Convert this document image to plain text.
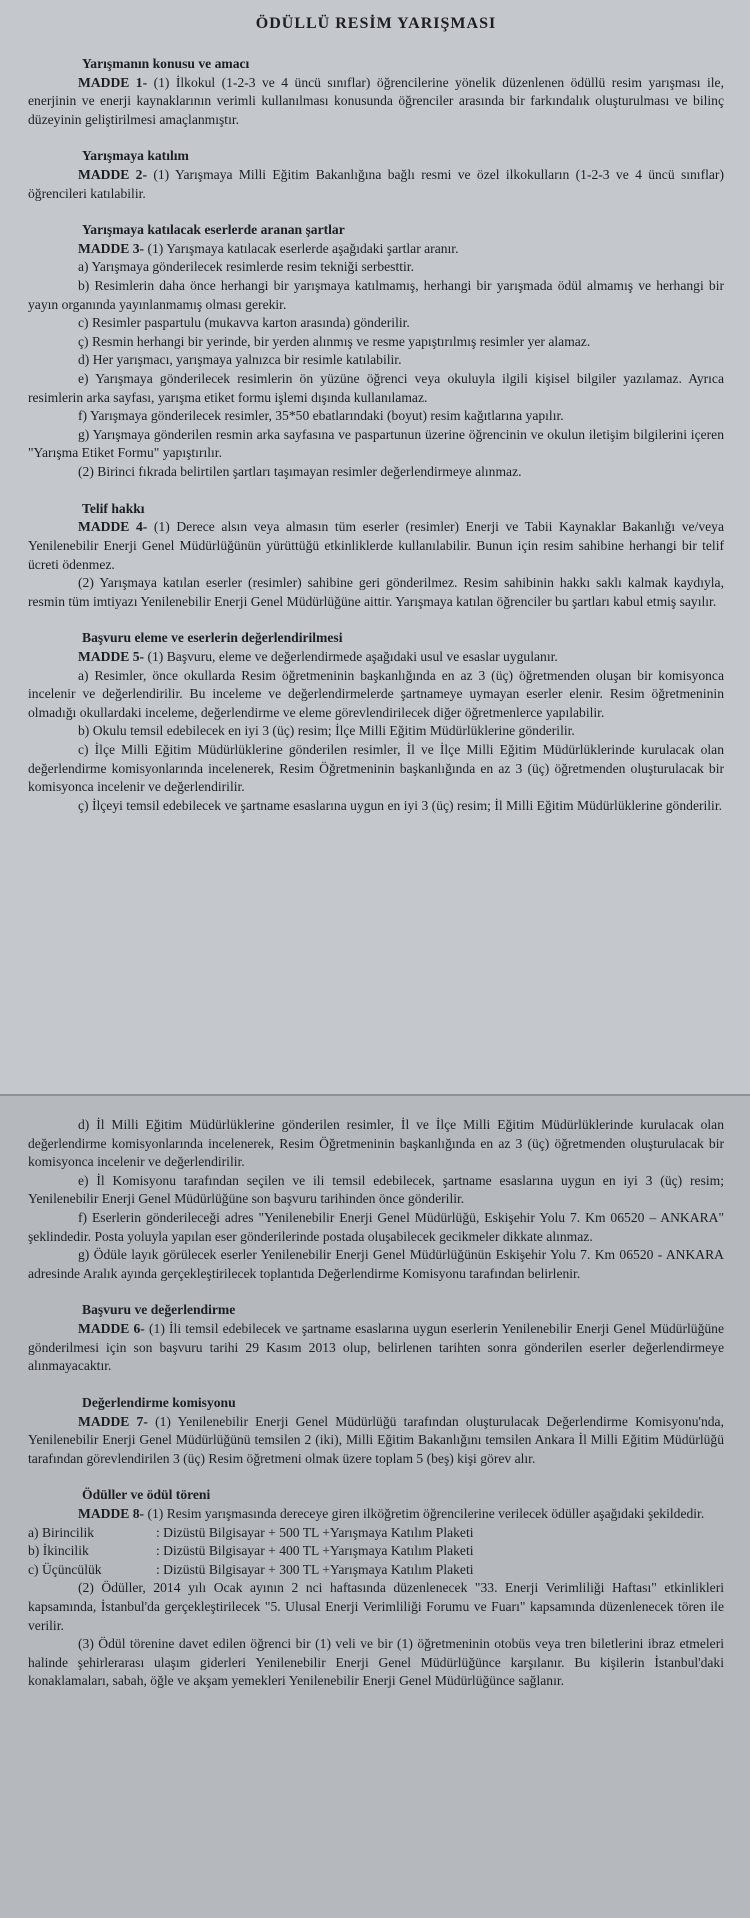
ÖDÜLLÜ RESİM YARIŞMASI
Yarışmanın konusu ve amacı
MADDE 1- (1) İlkokul (1-2-3 ve 4 üncü sınıflar) öğrencilerine yönelik düzenlenen ödüllü resim yarışması ile, enerjinin ve enerji kaynaklarının verimli kullanılması konusunda öğrenciler arasında bir farkındalık oluşturulması ve bilinç düzeyinin geliştirilmesi amaçlanmıştır.
Yarışmaya katılım
MADDE 2- (1) Yarışmaya Milli Eğitim Bakanlığına bağlı resmi ve özel ilkokulların (1-2-3 ve 4 üncü sınıflar) öğrencileri katılabilir.
Yarışmaya katılacak eserlerde aranan şartlar
MADDE 3- (1) Yarışmaya katılacak eserlerde aşağıdaki şartlar aranır.
a) Yarışmaya gönderilecek resimlerde resim tekniği serbesttir.
b) Resimlerin daha önce herhangi bir yarışmaya katılmamış, herhangi bir yarışmada ödül almamış ve herhangi bir yayın organında yayınlanmamış olması gerekir.
c) Resimler paspartulu (mukavva karton arasında) gönderilir.
ç) Resmin herhangi bir yerinde, bir yerden alınmış ve resme yapıştırılmış resimler yer alamaz.
d) Her yarışmacı, yarışmaya yalnızca bir resimle katılabilir.
e) Yarışmaya gönderilecek resimlerin ön yüzüne öğrenci veya okuluyla ilgili kişisel bilgiler yazılamaz. Ayrıca resimlerin arka sayfası, yarışma etiket formu işlemi dışında kullanılamaz.
f) Yarışmaya gönderilecek resimler, 35*50 ebatlarındaki (boyut) resim kağıtlarına yapılır.
g) Yarışmaya gönderilen resmin arka sayfasına ve paspartunun üzerine öğrencinin ve okulun iletişim bilgilerini içeren "Yarışma Etiket Formu" yapıştırılır.
(2) Birinci fıkrada belirtilen şartları taşımayan resimler değerlendirmeye alınmaz.
Telif hakkı
MADDE 4- (1) Derece alsın veya almasın tüm eserler (resimler) Enerji ve Tabii Kaynaklar Bakanlığı ve/veya Yenilenebilir Enerji Genel Müdürlüğünün yürüttüğü etkinliklerde kullanılabilir. Bunun için resim sahibine herhangi bir telif ücreti ödenmez.
(2) Yarışmaya katılan eserler (resimler) sahibine geri gönderilmez. Resim sahibinin hakkı saklı kalmak kaydıyla, resmin tüm imtiyazı Yenilenebilir Enerji Genel Müdürlüğüne aittir. Yarışmaya katılan öğrenciler bu şartları kabul etmiş sayılır.
Başvuru eleme ve eserlerin değerlendirilmesi
MADDE 5- (1) Başvuru, eleme ve değerlendirmede aşağıdaki usul ve esaslar uygulanır.
a) Resimler, önce okullarda Resim öğretmeninin başkanlığında en az 3 (üç) öğretmenden oluşan bir komisyonca incelenir ve değerlendirilir. Bu inceleme ve değerlendirmelerde şartnameye uymayan eserler elenir. Resim öğretmeninin olmadığı okullardaki inceleme, değerlendirme ve eleme görevlendirilecek diğer öğretmenlerce yapılabilir.
b) Okulu temsil edebilecek en iyi 3 (üç) resim; İlçe Milli Eğitim Müdürlüklerine gönderilir.
c) İlçe Milli Eğitim Müdürlüklerine gönderilen resimler, İl ve İlçe Milli Eğitim Müdürlüklerinde kurulacak olan değerlendirme komisyonlarında incelenerek, Resim Öğretmeninin başkanlığında en az 3 (üç) öğretmenden oluşturulacak bir komisyonca incelenir ve değerlendirilir.
ç) İlçeyi temsil edebilecek ve şartname esaslarına uygun en iyi 3 (üç) resim; İl Milli Eğitim Müdürlüklerine gönderilir.
d) İl Milli Eğitim Müdürlüklerine gönderilen resimler, İl ve İlçe Milli Eğitim Müdürlüklerinde kurulacak olan değerlendirme komisyonlarında incelenerek, Resim Öğretmeninin başkanlığında en az 3 (üç) öğretmenden oluşturulacak bir komisyonca incelenir ve değerlendirilir.
e) İl Komisyonu tarafından seçilen ve ili temsil edebilecek, şartname esaslarına uygun en iyi 3 (üç) resim; Yenilenebilir Enerji Genel Müdürlüğüne son başvuru tarihinden önce gönderilir.
f) Eserlerin gönderileceği adres "Yenilenebilir Enerji Genel Müdürlüğü, Eskişehir Yolu 7. Km 06520 – ANKARA" şeklindedir. Posta yoluyla yapılan eser gönderilerinde postada oluşabilecek gecikmeler dikkate alınmaz.
g) Ödüle layık görülecek eserler Yenilenebilir Enerji Genel Müdürlüğünün Eskişehir Yolu 7. Km 06520 - ANKARA adresinde Aralık ayında gerçekleştirilecek toplantıda Değerlendirme Komisyonu tarafından belirlenir.
Başvuru ve değerlendirme
MADDE 6- (1) İli temsil edebilecek ve şartname esaslarına uygun eserlerin Yenilenebilir Enerji Genel Müdürlüğüne gönderilmesi için son başvuru tarihi 29 Kasım 2013 olup, belirlenen tarihten sonra gönderilen eserler değerlendirmeye alınmayacaktır.
Değerlendirme komisyonu
MADDE 7- (1) Yenilenebilir Enerji Genel Müdürlüğü tarafından oluşturulacak Değerlendirme Komisyonu'nda, Yenilenebilir Enerji Genel Müdürlüğünü temsilen 2 (iki), Milli Eğitim Bakanlığını temsilen Ankara İl Milli Eğitim Müdürlüğü tarafından görevlendirilen 3 (üç) Resim öğretmeni olmak üzere toplam 5 (beş) kişi görev alır.
Ödüller ve ödül töreni
MADDE 8- (1) Resim yarışmasında dereceye giren ilköğretim öğrencilerine verilecek ödüller aşağıdaki şekildedir.
a) Birincilik	: Dizüstü Bilgisayar + 500 TL +Yarışmaya Katılım Plaketi
b) İkincilik	: Dizüstü Bilgisayar + 400 TL +Yarışmaya Katılım Plaketi
c) Üçüncülük	: Dizüstü Bilgisayar + 300 TL +Yarışmaya Katılım Plaketi
(2) Ödüller, 2014 yılı Ocak ayının 2 nci haftasında düzenlenecek "33. Enerji Verimliliği Haftası" etkinlikleri kapsamında, İstanbul'da gerçekleştirilecek "5. Ulusal Enerji Verimliliği Forumu ve Fuarı" kapsamında düzenlenecek tören ile verilir.
(3) Ödül törenine davet edilen öğrenci bir (1) veli ve bir (1) öğretmeninin otobüs veya tren biletlerini ibraz etmeleri halinde şehirlerarası ulaşım giderleri Yenilenebilir Enerji Genel Müdürlüğünce karşılanır. Bu kişilerin İstanbul'daki konaklamaları, sabah, öğle ve akşam yemekleri Yenilenebilir Enerji Genel Müdürlüğünce sağlanır.
